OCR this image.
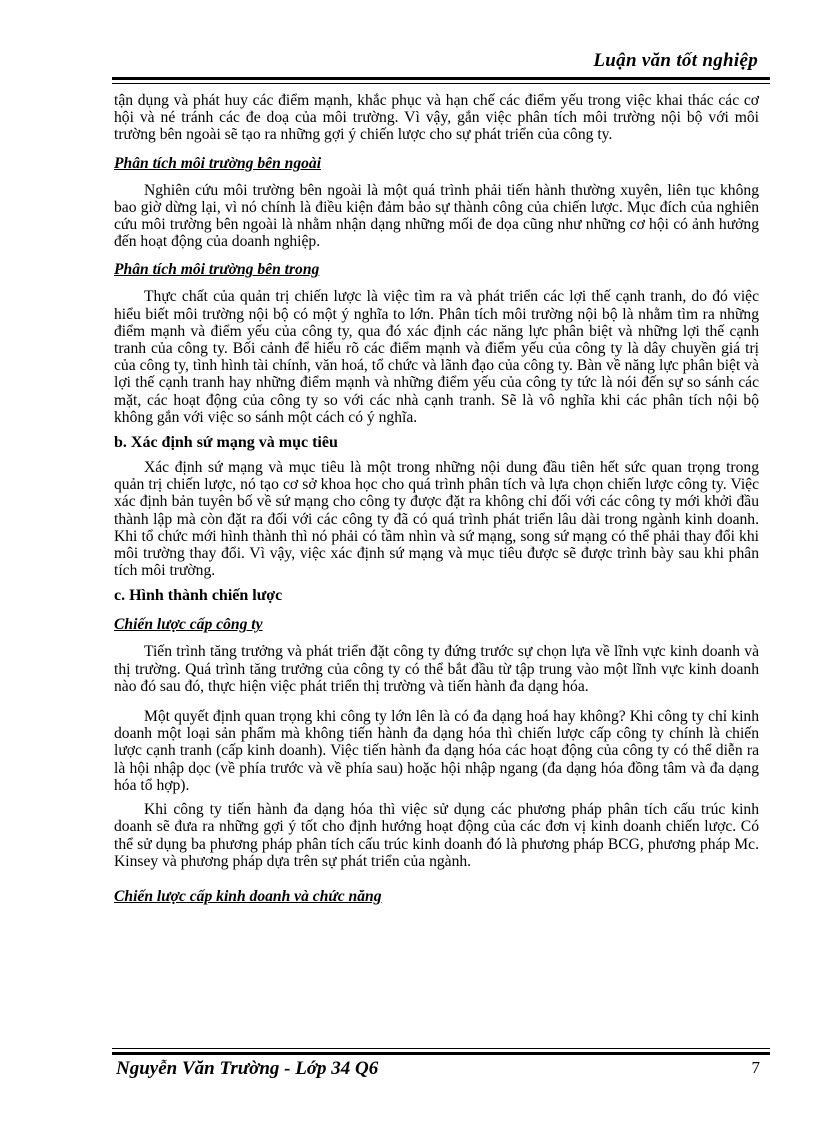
Luận văn tốt nghiệp

tận dụng và phát huy các điểm mạnh, khắc phục và hạn chế các điểm yếu trong việc khai thác các cơ hội và né tránh các đe doạ của môi trường. Vì vậy, gắn việc phân tích môi trường nội bộ với môi trường bên ngoài sẽ tạo ra những gợi ý chiến lược cho sự phát triển của công ty.

Phân tích môi trường bên ngoài

Nghiên cứu môi trường bên ngoài là một quá trình phải tiến hành thường xuyên, liên tục không bao giờ dừng lại, vì nó chính là điều kiện đảm bảo sự thành công của chiến lược. Mục đích của nghiên cứu môi trường bên ngoài là nhằm nhận dạng những mối đe dọa cũng như những cơ hội có ảnh hưởng đến hoạt động của doanh nghiệp.

Phân tích môi trường bên trong

Thực chất của quản trị chiến lược là việc tìm ra và phát triển các lợi thế cạnh tranh, do đó việc hiểu biết môi trường nội bộ có một ý nghĩa to lớn. Phân tích môi trường nội bộ là nhằm tìm ra những điểm mạnh và điểm yếu của công ty, qua đó xác định các năng lực phân biệt và những lợi thế cạnh tranh của công ty. Bối cảnh để hiểu rõ các điểm mạnh và điểm yếu của công ty là dây chuyền giá trị của công ty, tình hình tài chính, văn hoá, tổ chức và lãnh đạo của công ty. Bàn về năng lực phân biệt và lợi thế cạnh tranh hay những điểm mạnh và những điểm yếu của công ty tức là nói đến sự so sánh các mặt, các hoạt động của công ty so với các nhà cạnh tranh. Sẽ là vô nghĩa khi các phân tích nội bộ không gắn với việc so sánh một cách có ý nghĩa.

b. Xác định sứ mạng và mục tiêu

Xác định sứ mạng và mục tiêu là một trong những nội dung đầu tiên hết sức quan trọng trong quản trị chiến lược, nó tạo cơ sở khoa học cho quá trình phân tích và lựa chọn chiến lược công ty. Việc xác định bản tuyên bố về sứ mạng cho công ty được đặt ra không chỉ đối với các công ty mới khởi đầu thành lập mà còn đặt ra đối với các công ty đã có quá trình phát triển lâu dài trong ngành kinh doanh. Khi tổ chức mới hình thành thì nó phải có tầm nhìn và sứ mạng, song sứ mạng có thể phải thay đổi khi môi trường thay đổi. Vì vậy, việc xác định sứ mạng và mục tiêu được sẽ được trình bày sau khi phân tích môi trường.

c. Hình thành chiến lược
Chiến lược cấp công ty

Tiến trình tăng trưởng và phát triển đặt công ty đứng trước sự chọn lựa về lĩnh vực kinh doanh và thị trường. Quá trình tăng trưởng của công ty có thể bắt đầu từ tập trung vào một lĩnh vực kinh doanh nào đó sau đó, thực hiện việc phát triển thị trường và tiến hành đa dạng hóa.

Một quyết định quan trọng khi công ty lớn lên là có đa dạng hoá hay không? Khi công ty chỉ kinh doanh một loại sản phẩm mà không tiến hành đa dạng hóa thì chiến lược cấp công ty chính là chiến lược cạnh tranh (cấp kinh doanh). Việc tiến hành đa dạng hóa các hoạt động của công ty có thể diễn ra là hội nhập dọc (về phía trước và về phía sau) hoặc hội nhập ngang (đa dạng hóa đồng tâm và đa dạng hóa tổ hợp).

Khi công ty tiến hành đa dạng hóa thì việc sử dụng các phương pháp phân tích cấu trúc kinh doanh sẽ đưa ra những gợi ý tốt cho định hướng hoạt động của các đơn vị kinh doanh chiến lược. Có thể sử dụng ba phương pháp phân tích cấu trúc kinh doanh đó là phương pháp BCG, phương pháp Mc. Kinsey và phương pháp dựa trên sự phát triển của ngành.

Chiến lược cấp kinh doanh và chức năng
Nguyễn Văn Trường - Lớp 34 Q6	7
